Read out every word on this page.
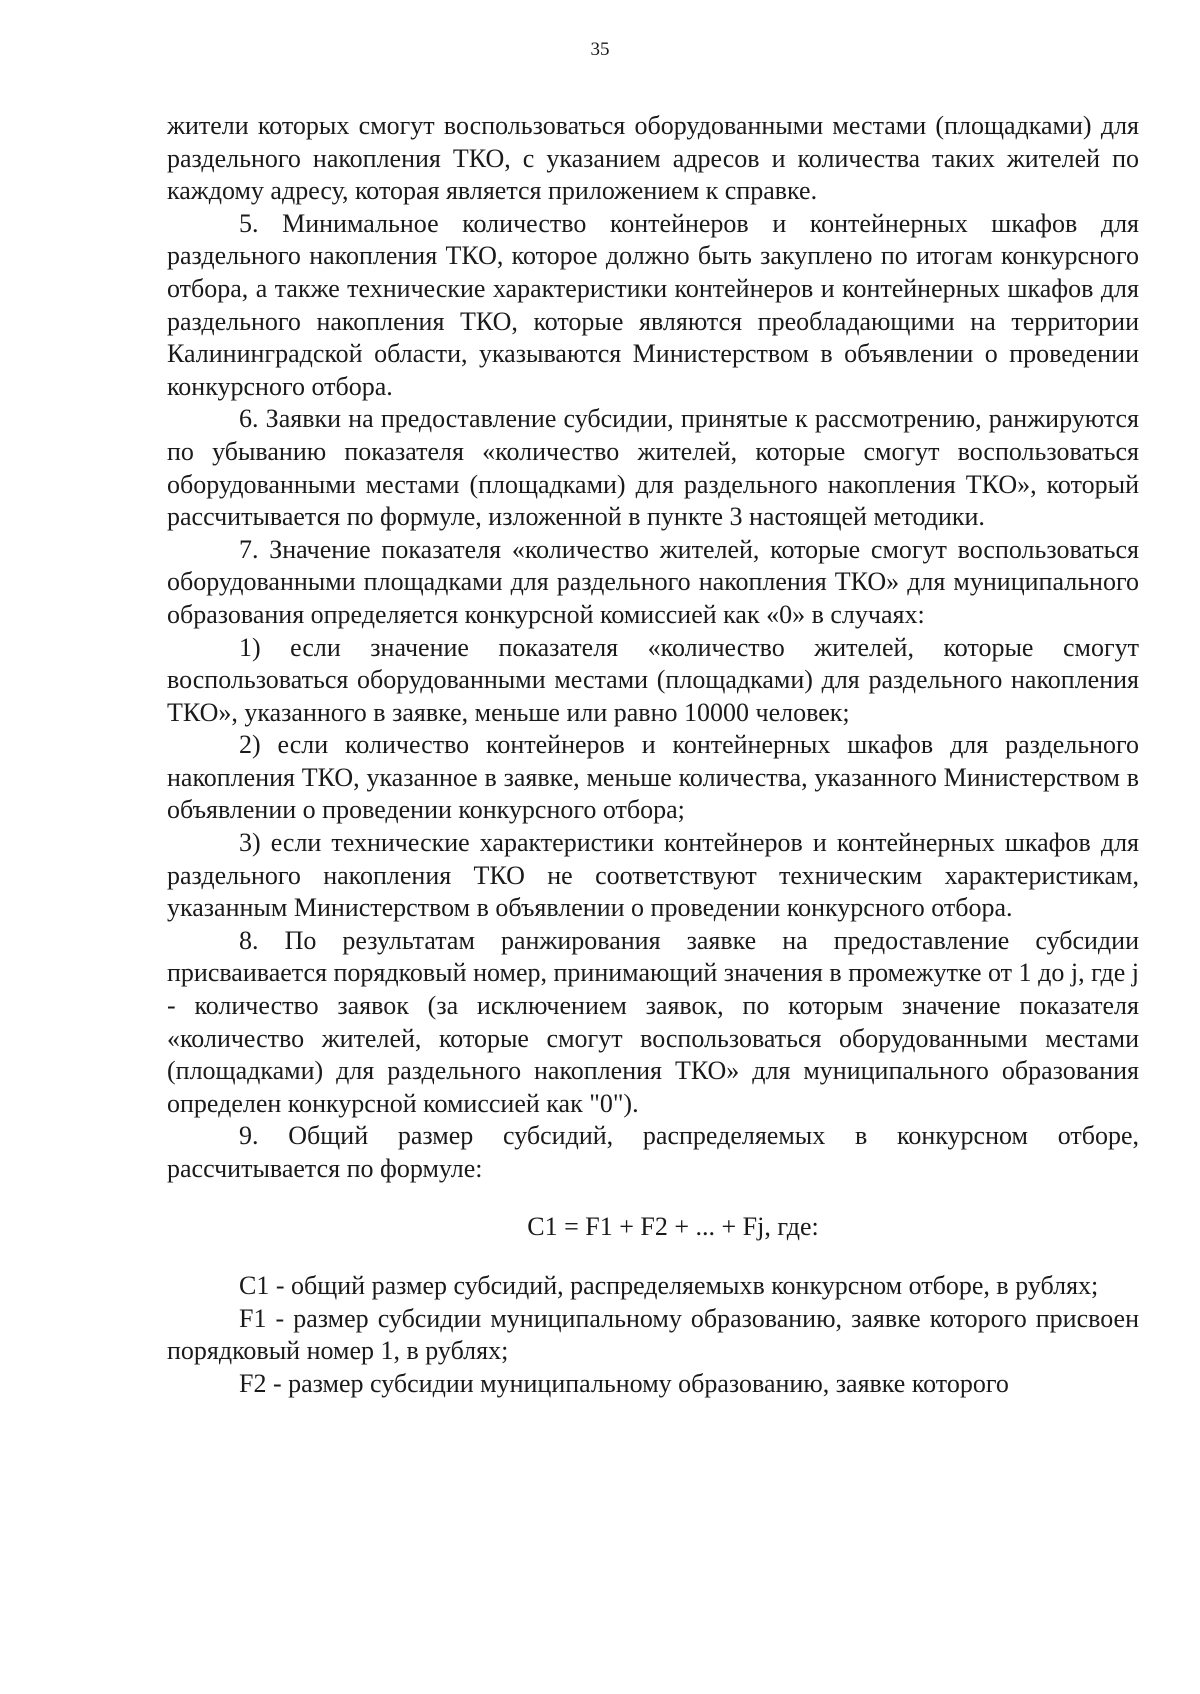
35

жители которых смогут воспользоваться оборудованными местами (площадками) для раздельного накопления ТКО, с указанием адресов и количества таких жителей по каждому адресу, которая является приложением к справке.

5. Минимальное количество контейнеров и контейнерных шкафов для раздельного накопления ТКО, которое должно быть закуплено по итогам конкурсного отбора, а также технические характеристики контейнеров и контейнерных шкафов для раздельного накопления ТКО, которые являются преобладающими на территории Калининградской области, указываются Министерством в объявлении о проведении конкурсного отбора.

6. Заявки на предоставление субсидии, принятые к рассмотрению, ранжируются по убыванию показателя «количество жителей, которые смогут воспользоваться оборудованными местами (площадками) для раздельного накопления ТКО», который рассчитывается по формуле, изложенной в пункте 3 настоящей методики.

7. Значение показателя «количество жителей, которые смогут воспользоваться оборудованными площадками для раздельного накопления ТКО» для муниципального образования определяется конкурсной комиссией как «0» в случаях:

1) если значение показателя «количество жителей, которые смогут воспользоваться оборудованными местами (площадками) для раздельного накопления ТКО», указанного в заявке, меньше или равно 10000 человек;

2) если количество контейнеров и контейнерных шкафов для раздельного накопления ТКО, указанное в заявке, меньше количества, указанного Министерством в объявлении о проведении конкурсного отбора;

3) если технические характеристики контейнеров и контейнерных шкафов для раздельного накопления ТКО не соответствуют техническим характеристикам, указанным Министерством в объявлении о проведении конкурсного отбора.

8. По результатам ранжирования заявке на предоставление субсидии присваивается порядковый номер, принимающий значения в промежутке от 1 до j, где j - количество заявок (за исключением заявок, по которым значение показателя «количество жителей, которые смогут воспользоваться оборудованными местами (площадками) для раздельного накопления ТКО» для муниципального образования определен конкурсной комиссией как "0").

9. Общий размер субсидий, распределяемых в конкурсном отборе, рассчитывается по формуле:

C1 = F1 + F2 + ... + Fj, где:

C1 - общий размер субсидий, распределяемыхв конкурсном отборе, в рублях;

F1 - размер субсидии муниципальному образованию, заявке которого присвоен порядковый номер 1, в рублях;

F2 - размер субсидии муниципальному образованию, заявке которого
